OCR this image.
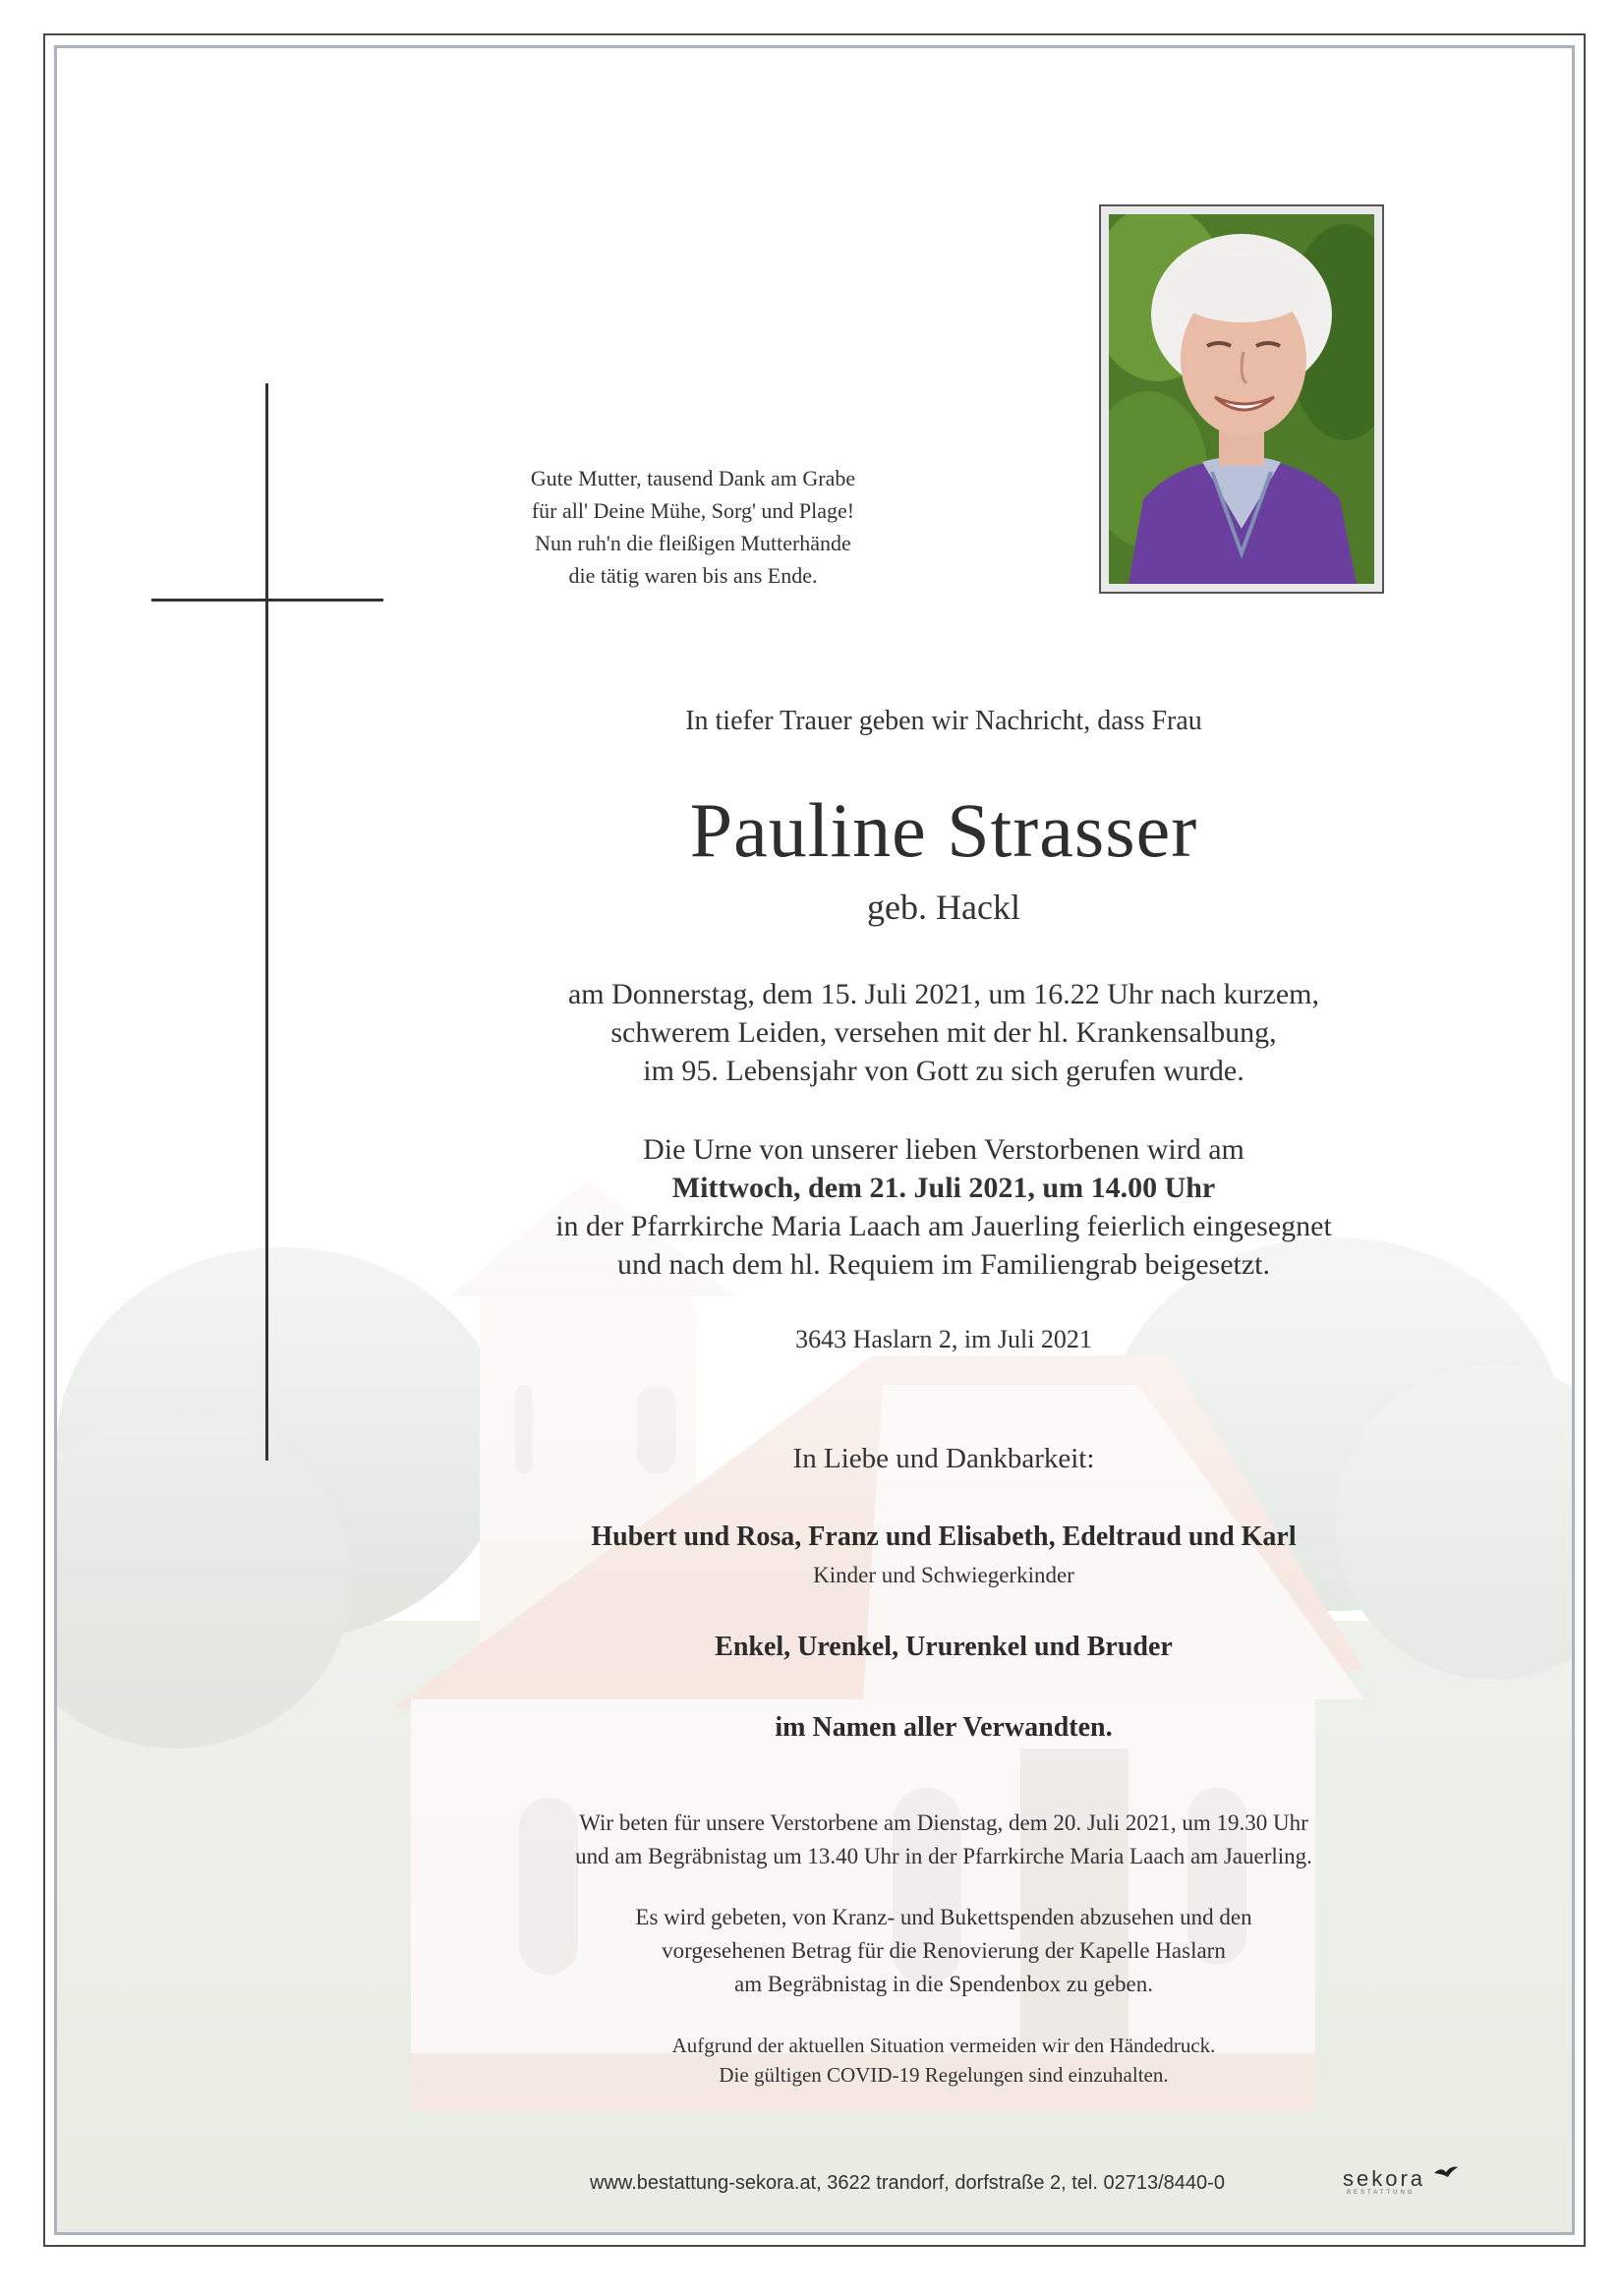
Gute Mutter, tausend Dank am Grabe
für all' Deine Mühe, Sorg' und Plage!
Nun ruh'n die fleißigen Mutterhände
die tätig waren bis ans Ende.
In tiefer Trauer geben wir Nachricht, dass Frau
Pauline Strasser
geb. Hackl
am Donnerstag, dem 15. Juli 2021, um 16.22 Uhr nach kurzem,
schwerem Leiden, versehen mit der hl. Krankensalbung,
im 95. Lebensjahr von Gott zu sich gerufen wurde.
Die Urne von unserer lieben Verstorbenen wird am
Mittwoch, dem 21. Juli 2021, um 14.00 Uhr
in der Pfarrkirche Maria Laach am Jauerling feierlich eingesegnet
und nach dem hl. Requiem im Familiengrab beigesetzt.
3643 Haslarn 2, im Juli 2021
In Liebe und Dankbarkeit:
Hubert und Rosa, Franz und Elisabeth, Edeltraud und Karl
Kinder und Schwiegerkinder
Enkel, Urenkel, Ururenkel und Bruder
im Namen aller Verwandten.
Wir beten für unsere Verstorbene am Dienstag, dem 20. Juli 2021, um 19.30 Uhr
und am Begräbnistag um 13.40 Uhr in der Pfarrkirche Maria Laach am Jauerling.
Es wird gebeten, von Kranz- und Bukettspenden abzusehen und den
vorgesehenen Betrag für die Renovierung der Kapelle Haslarn
am Begräbnistag in die Spendenbox zu geben.
Aufgrund der aktuellen Situation vermeiden wir den Händedruck.
Die gültigen COVID-19 Regelungen sind einzuhalten.
www.bestattung-sekora.at, 3622 trandorf, dorfstraße 2, tel. 02713/8440-0	sekora
BESTATTUNG
